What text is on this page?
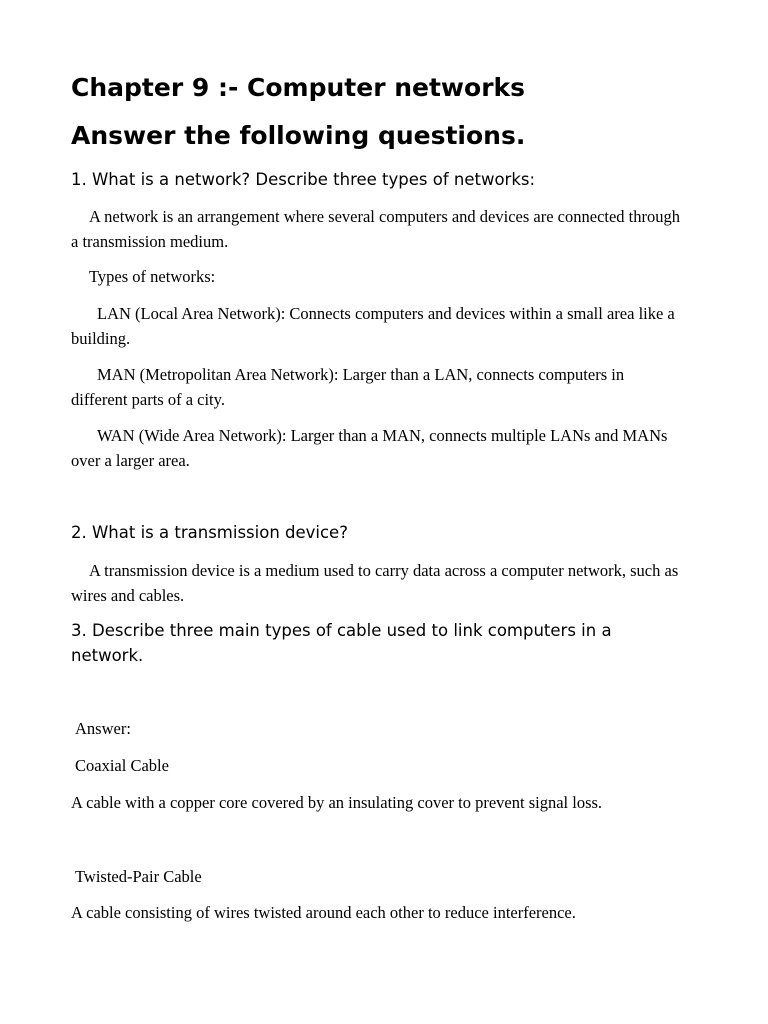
Chapter 9 :- Computer networks
Answer the following questions.

1. What is a network? Describe three types of networks:

A network is an arrangement where several computers and devices are connected through a transmission medium.

Types of networks:

LAN (Local Area Network): Connects computers and devices within a small area like a building.

MAN (Metropolitan Area Network): Larger than a LAN, connects computers in different parts of a city.

WAN (Wide Area Network): Larger than a MAN, connects multiple LANs and MANs over a larger area.

2. What is a transmission device?

A transmission device is a medium used to carry data across a computer network, such as wires and cables.

3. Describe three main types of cable used to link computers in a network.

Answer:

Coaxial Cable

A cable with a copper core covered by an insulating cover to prevent signal loss.

Twisted-Pair Cable

A cable consisting of wires twisted around each other to reduce interference.
